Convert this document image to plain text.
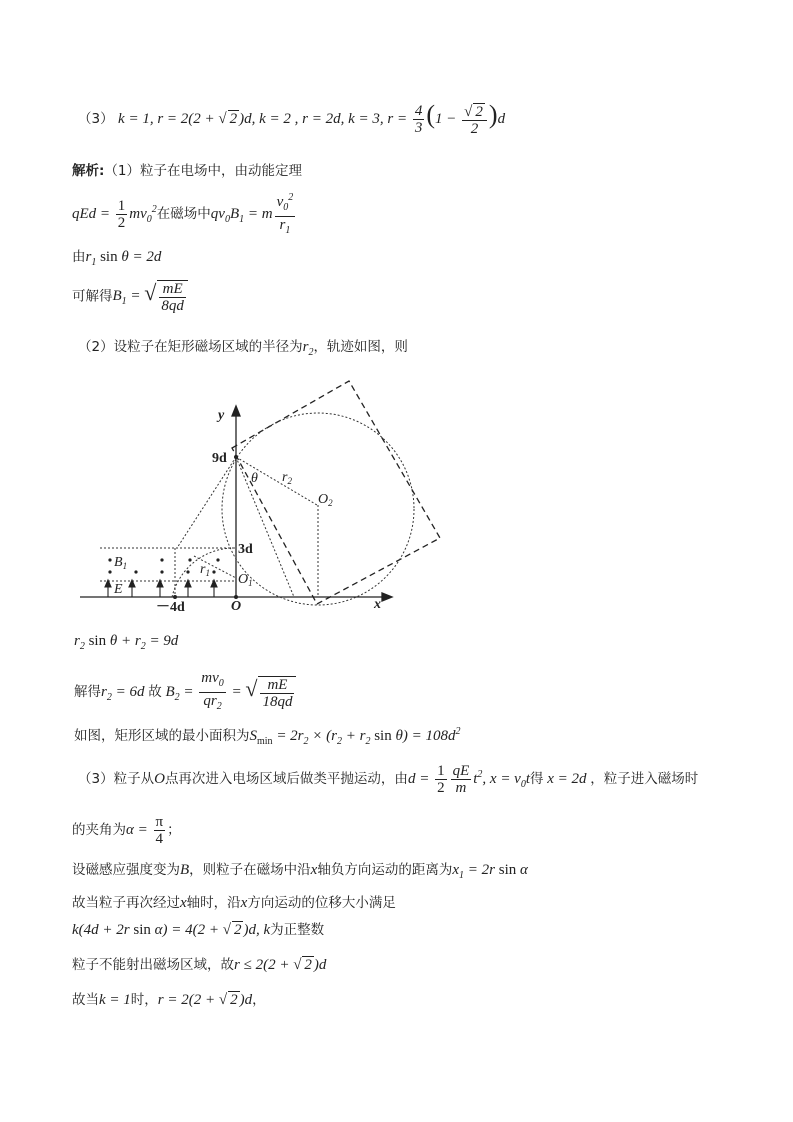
（3） k = 1, r = 2(2 + √ 2 )d, k = 2 , r = 2d, k = 3, $r = \frac{4}{3} (1 - \frac{√ 2}{2} )d$
解析:（1）粒子在电场中，由动能定理
qEd = $\frac{1}{2} mv_0^2$在磁场中$qv_0B_1 = m \frac{v_0^2}{r_1}$
由$r_1$ sin θ = 2d
可解得$B_1$ = √ $\frac{mE}{8qd}$
（2）设粒子在矩形磁场区域的半径为$r_2$，轨迹如图，则
y
x
O
9d
3d
－4d
θ $r_2$
$O_2$
$O_1$
$r_1$
$B_1$
E
$r_2$ $\sin \theta + r_2 = 9d$
解得$r_2 = 6d$ 故 $B_2 = \frac{mv_0}{qr_2}$ = √ $\frac{mE}{18qd}$
如图，矩形区域的最小面积为$S_{min} = 2r_2 \times (r_2 + r_2$ $\sin \theta) = 108d^2$
（3）粒子从O点再次进入电场区域后做类平抛运动，由$d = \frac{1}{2} \frac{qE}{m} t^2$, $x = v_0t$得 x = 2d ，粒子进入磁场时
的夹角为$\alpha = \frac{\pi}{4}$ ；
设磁感应强度变为B，则粒子在磁场中沿x轴负方向运动的距离为$x_1 = 2r$ sin α
故当粒子再次经过x轴时，沿x方向运动的位移大小满足
k(4d + 2r sin α) = 4(2 + √ 2 )d, k为正整数
粒子不能射出磁场区域，故r ≤ 2(2 + √ 2 )d
故当k = 1时，r = 2(2 + √ 2 )d，
